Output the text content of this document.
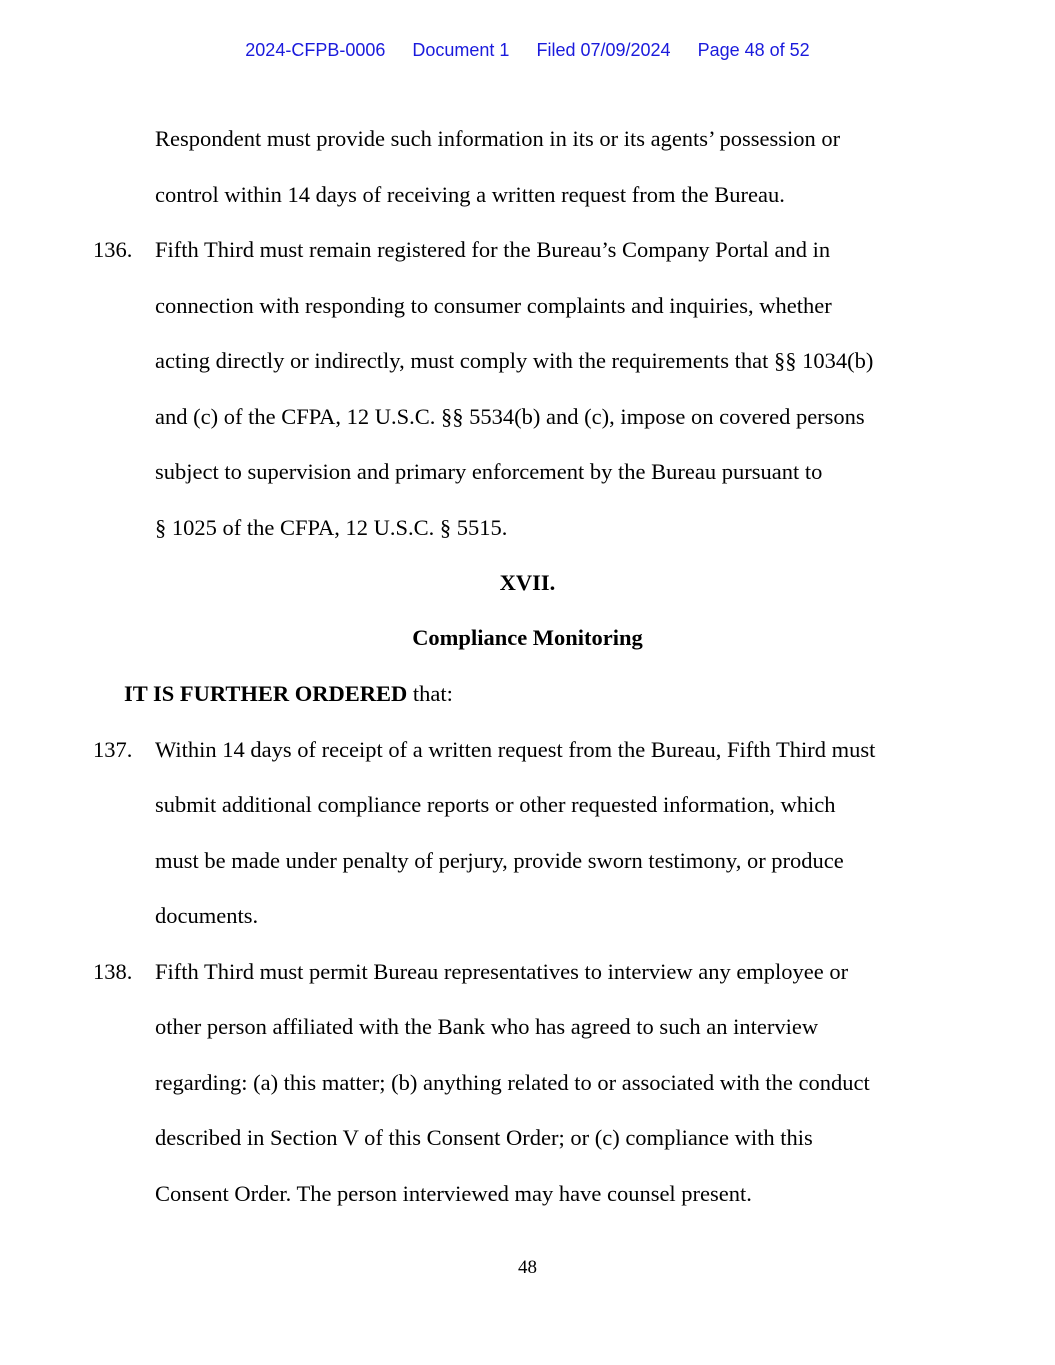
2024-CFPB-0006 Document 1 Filed 07/09/2024 Page 48 of 52
Respondent must provide such information in its or its agents’ possession or
control within 14 days of receiving a written request from the Bureau.
136. Fifth Third must remain registered for the Bureau’s Company Portal and in
connection with responding to consumer complaints and inquiries, whether
acting directly or indirectly, must comply with the requirements that §§ 1034(b)
and (c) of the CFPA, 12 U.S.C. §§ 5534(b) and (c), impose on covered persons
subject to supervision and primary enforcement by the Bureau pursuant to
§ 1025 of the CFPA, 12 U.S.C. § 5515.
XVII.
Compliance Monitoring
IT IS FURTHER ORDERED that:
137. Within 14 days of receipt of a written request from the Bureau, Fifth Third must
submit additional compliance reports or other requested information, which
must be made under penalty of perjury, provide sworn testimony, or produce
documents.
138. Fifth Third must permit Bureau representatives to interview any employee or
other person affiliated with the Bank who has agreed to such an interview
regarding: (a) this matter; (b) anything related to or associated with the conduct
described in Section V of this Consent Order; or (c) compliance with this
Consent Order. The person interviewed may have counsel present.
48
